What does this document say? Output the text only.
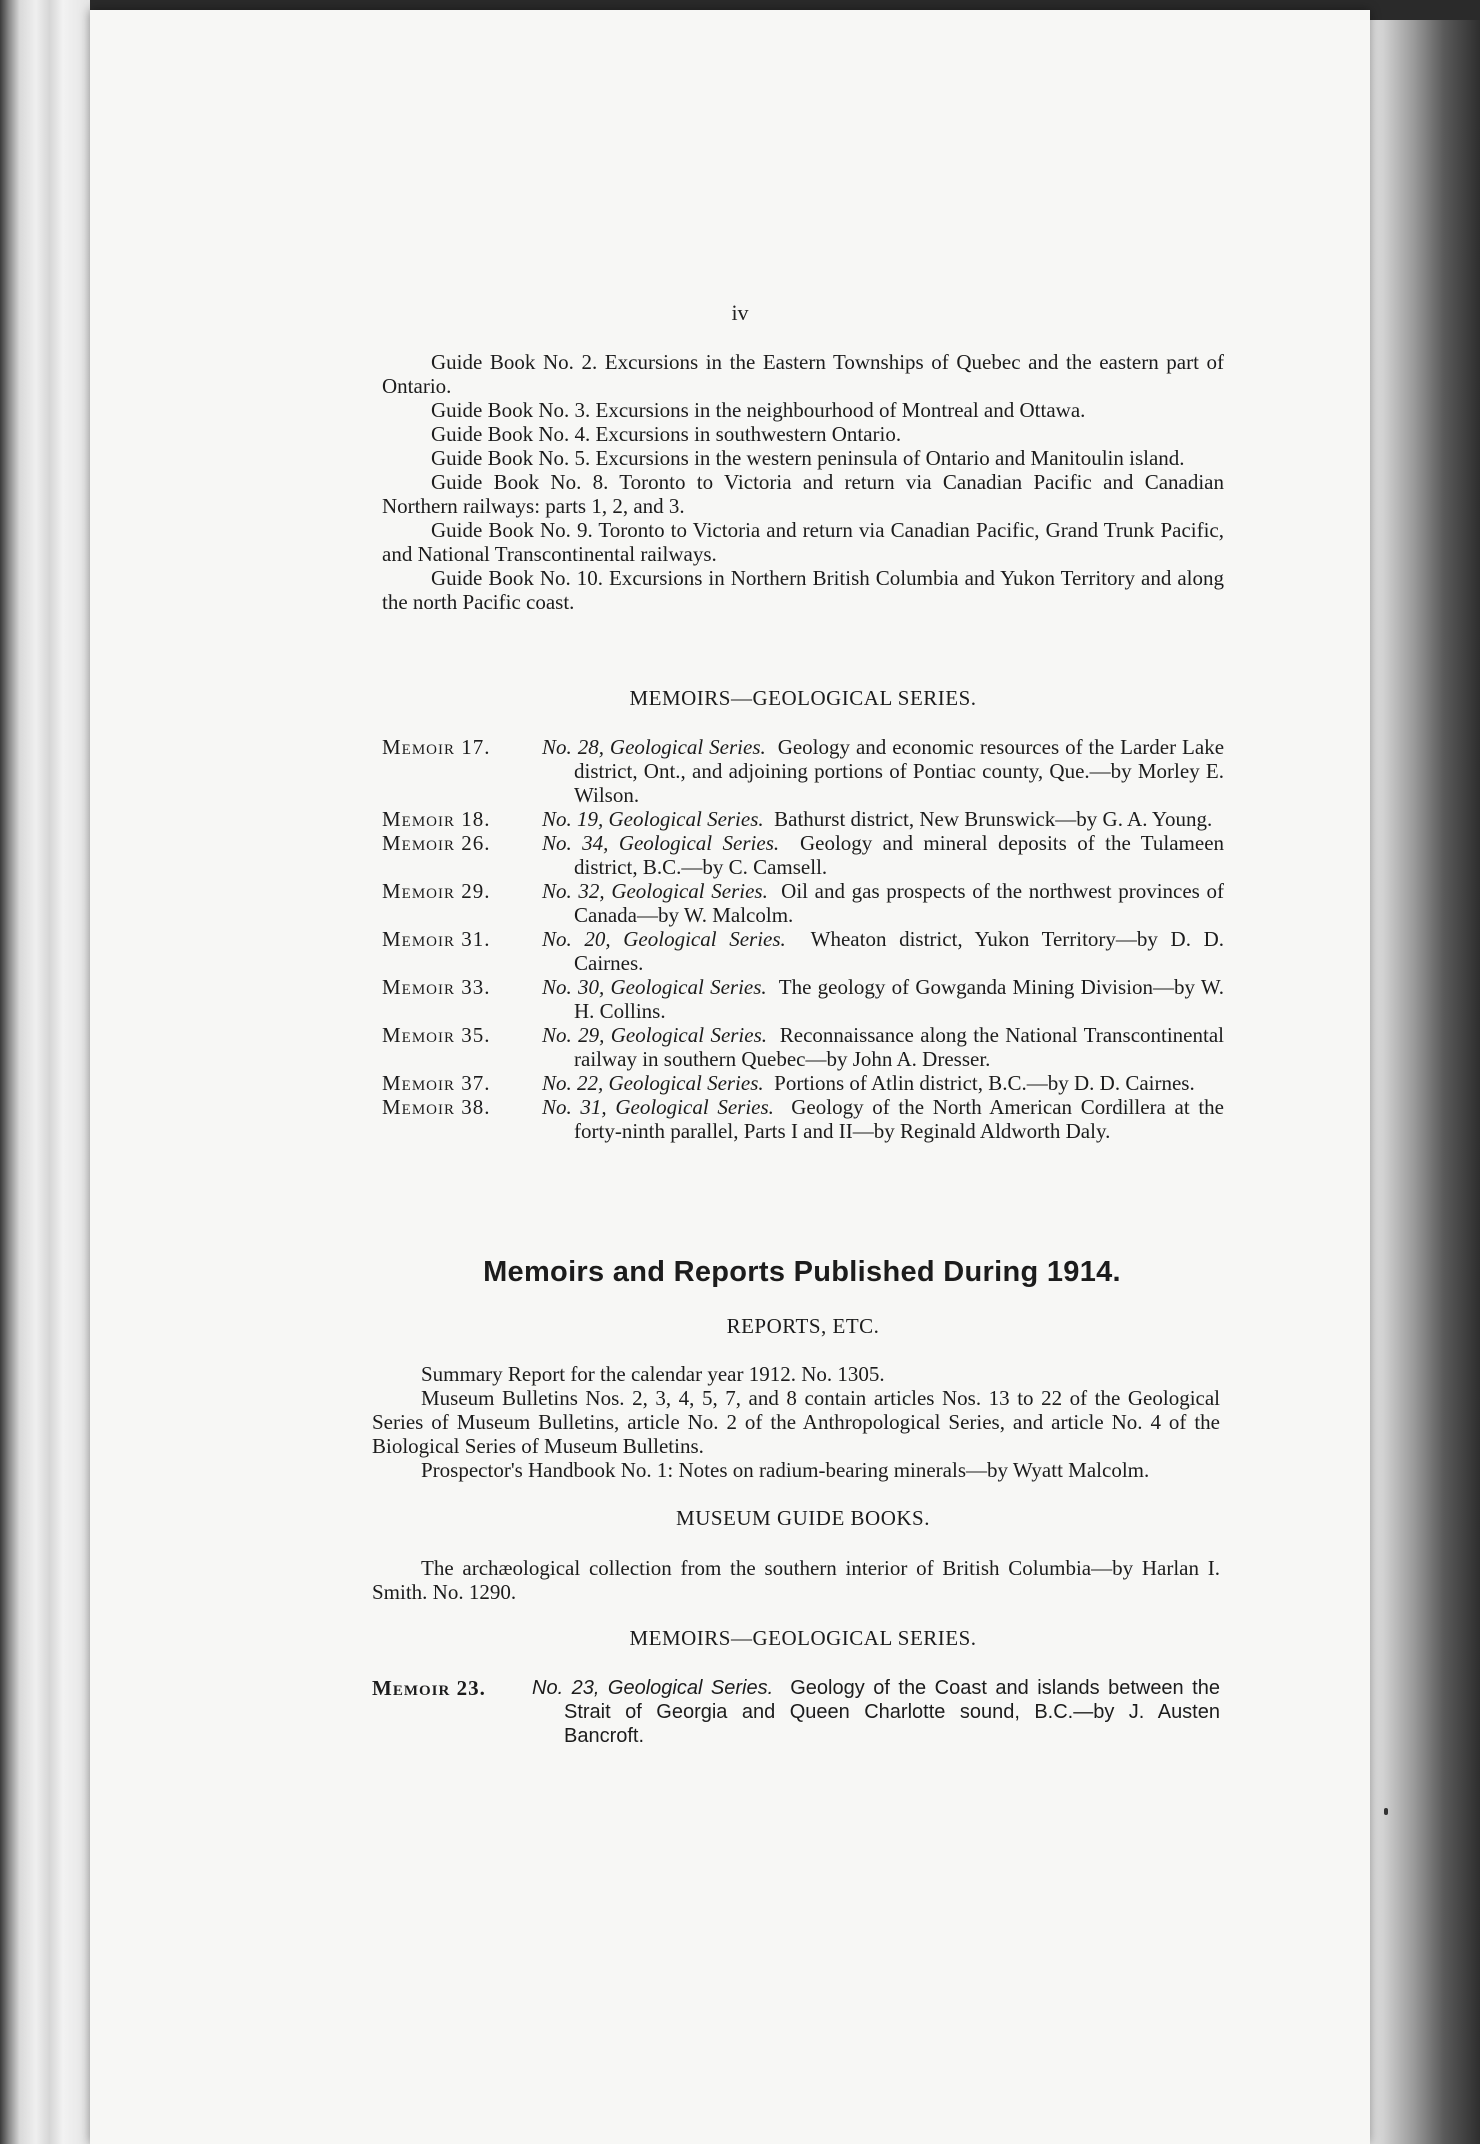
iv

Guide Book No. 2. Excursions in the Eastern Townships of Quebec and the eastern part of Ontario.

Guide Book No. 3. Excursions in the neighbourhood of Montreal and Ottawa.

Guide Book No. 4. Excursions in southwestern Ontario.

Guide Book No. 5. Excursions in the western peninsula of Ontario and Manitoulin island.

Guide Book No. 8. Toronto to Victoria and return via Canadian Pacific and Canadian Northern railways: parts 1, 2, and 3.

Guide Book No. 9. Toronto to Victoria and return via Canadian Pacific, Grand Trunk Pacific, and National Transcontinental railways.

Guide Book No. 10. Excursions in Northern British Columbia and Yukon Territory and along the north Pacific coast.

MEMOIRS—GEOLOGICAL SERIES.

Memoir 17.	No. 28, Geological Series. Geology and economic resources of the Larder Lake district, Ont., and adjoining portions of Pontiac county, Que.—by Morley E. Wilson.
Memoir 18.	No. 19, Geological Series. Bathurst district, New Brunswick—by G. A. Young.
Memoir 26.	No. 34, Geological Series. Geology and mineral deposits of the Tulameen district, B.C.—by C. Camsell.
Memoir 29.	No. 32, Geological Series. Oil and gas prospects of the northwest provinces of Canada—by W. Malcolm.
Memoir 31.	No. 20, Geological Series. Wheaton district, Yukon Territory—by D. D. Cairnes.
Memoir 33.	No. 30, Geological Series. The geology of Gowganda Mining Division—by W. H. Collins.
Memoir 35.	No. 29, Geological Series. Reconnaissance along the National Transcontinental railway in southern Quebec—by John A. Dresser.
Memoir 37.	No. 22, Geological Series. Portions of Atlin district, B.C.—by D. D. Cairnes.
Memoir 38.	No. 31, Geological Series. Geology of the North American Cordillera at the forty-ninth parallel, Parts I and II—by Reginald Aldworth Daly.

Memoirs and Reports Published During 1914.

REPORTS, ETC.

Summary Report for the calendar year 1912. No. 1305.

Museum Bulletins Nos. 2, 3, 4, 5, 7, and 8 contain articles Nos. 13 to 22 of the Geological Series of Museum Bulletins, article No. 2 of the Anthropological Series, and article No. 4 of the Biological Series of Museum Bulletins.

Prospector's Handbook No. 1: Notes on radium-bearing minerals—by Wyatt Malcolm.

MUSEUM GUIDE BOOKS.

The archæological collection from the southern interior of British Columbia—by Harlan I. Smith. No. 1290.

MEMOIRS—GEOLOGICAL SERIES.

Memoir 23.	No. 23, Geological Series. Geology of the Coast and islands between the Strait of Georgia and Queen Charlotte sound, B.C.—by J. Austen Bancroft.
